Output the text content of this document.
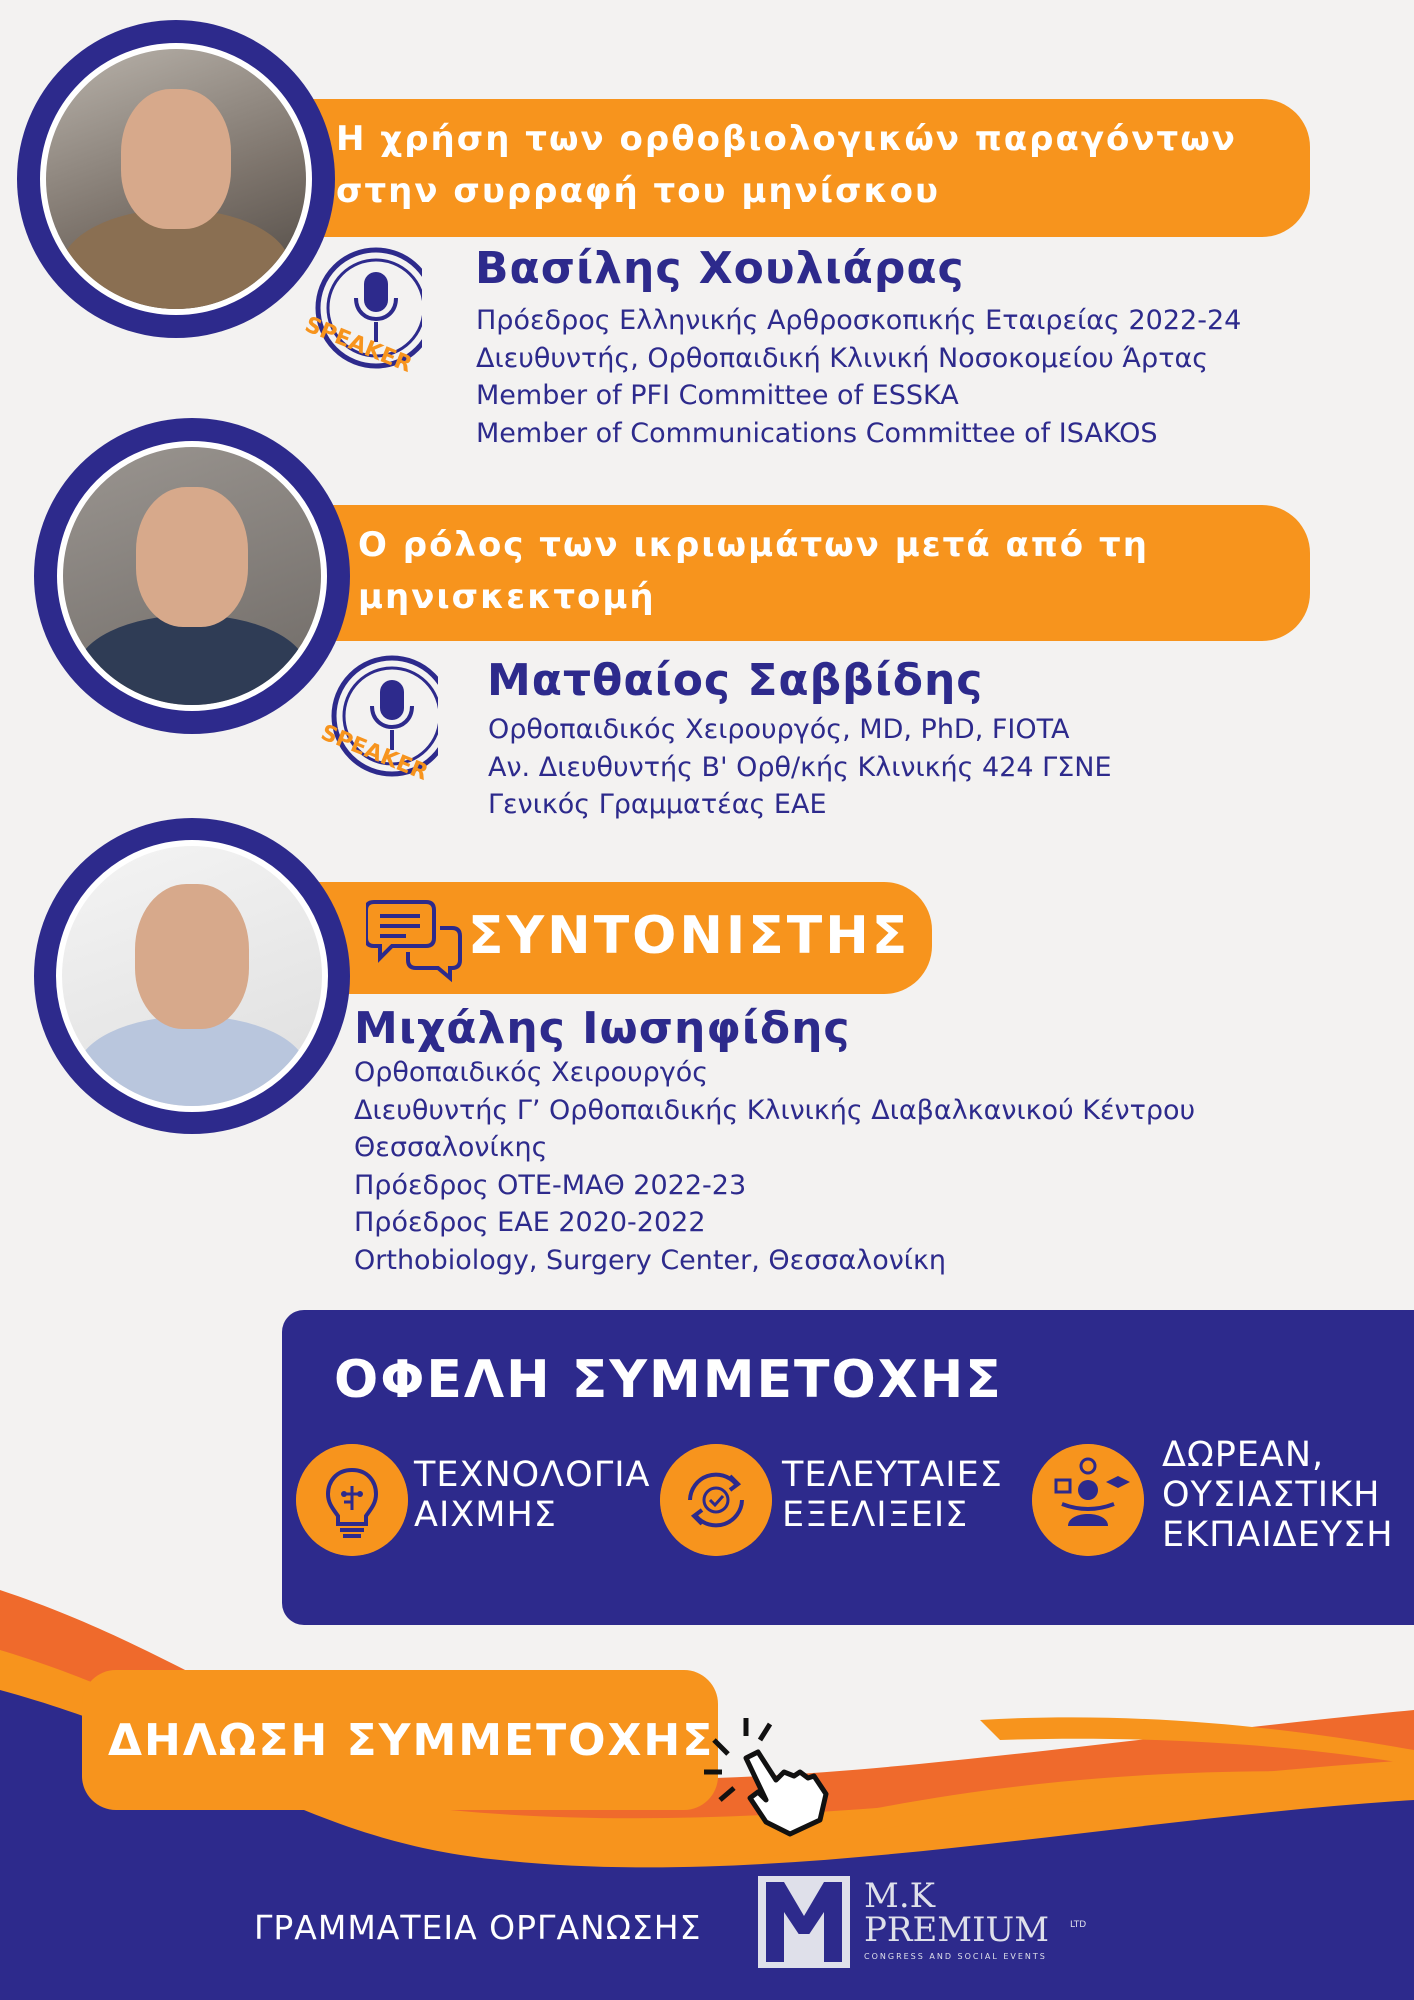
Η χρήση των ορθοβιολογικών παραγόντων
στην συρραφή του μηνίσκου
SPEAKER
Βασίλης Χουλιάρας
Πρόεδρος Ελληνικής Αρθροσκοπικής Εταιρείας 2022-24
Διευθυντής, Ορθοπαιδική Κλινική Νοσοκομείου Άρτας
Member of PFI Committee of ESSKA
Member of Communications Committee of ISAKOS
Ο ρόλος των ικριωμάτων μετά από τη
μηνισκεκτομή
SPEAKER
Ματθαίος Σαββίδης
Ορθοπαιδικός Χειρουργός, MD, PhD, FIOTA
Αν. Διευθυντής Β' Ορθ/κής Κλινικής 424 ΓΣΝΕ
Γενικός Γραμματέας ΕΑΕ
ΣΥΝΤΟΝΙΣΤΗΣ
Μιχάλης Ιωσηφίδης
Ορθοπαιδικός Χειρουργός
Διευθυντής Γ’ Ορθοπαιδικής Κλινικής Διαβαλκανικού Κέντρου
Θεσσαλονίκης
Πρόεδρος ΟΤΕ-ΜΑΘ 2022-23
Πρόεδρος ΕΑΕ 2020-2022
Orthobiology, Surgery Center, Θεσσαλονίκη
ΟΦΕΛΗ ΣΥΜΜΕΤΟΧΗΣ
ΤΕΧΝΟΛΟΓΙΑ
ΑΙΧΜΗΣ
ΤΕΛΕΥΤΑΙΕΣ
ΕΞΕΛΙΞΕΙΣ
ΔΩΡΕΑΝ,
ΟΥΣΙΑΣΤΙΚΗ
ΕΚΠΑΙΔΕΥΣΗ
ΔΗΛΩΣΗ ΣΥΜΜΕΤΟΧΗΣ
ΓΡΑΜΜΑΤΕΙΑ ΟΡΓΑΝΩΣΗΣ
M.K
PREMIUM LTD
CONGRESS AND SOCIAL EVENTS
